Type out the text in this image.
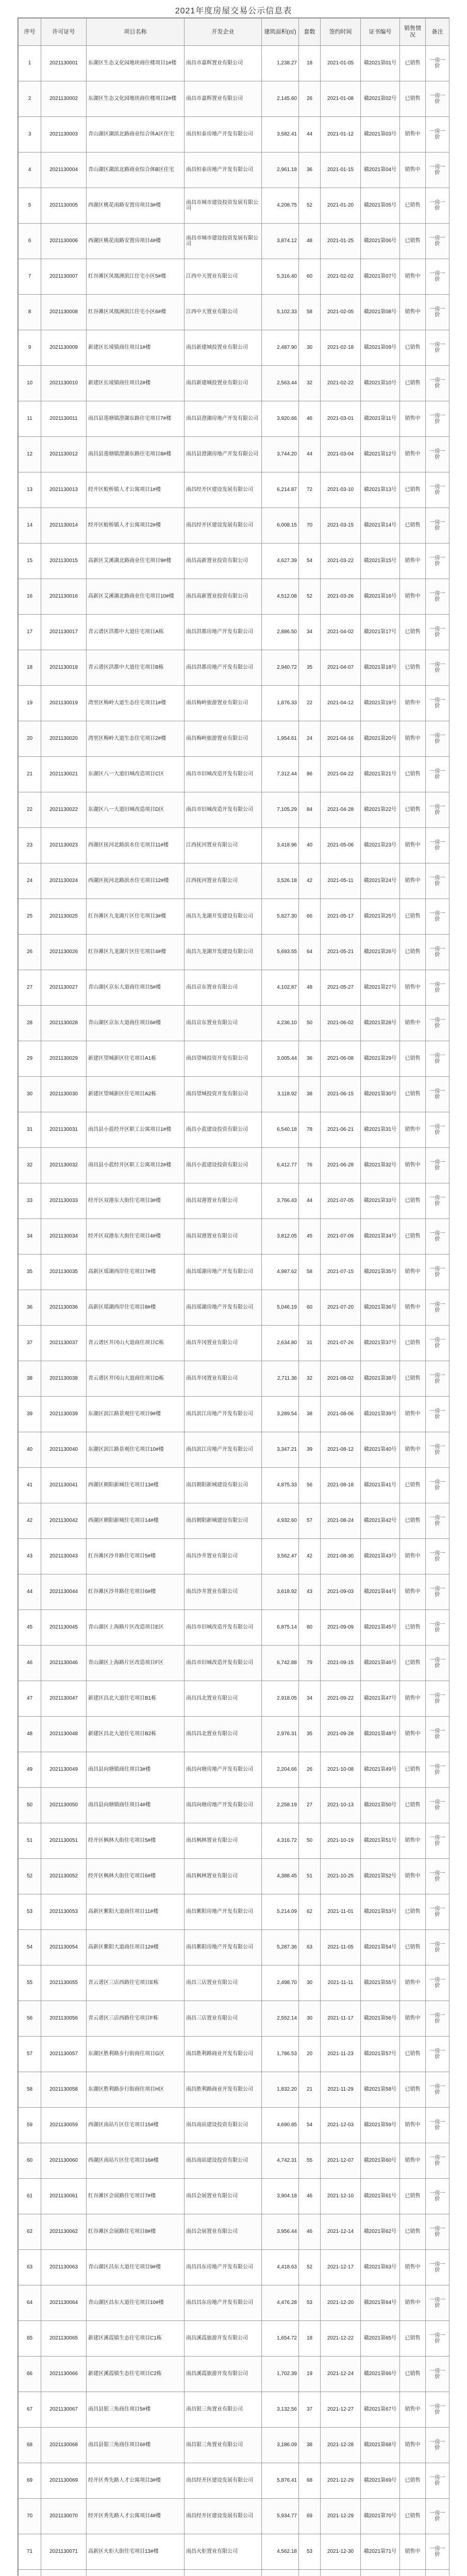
2021年度房屋交易公示信息表
序号	许可证号	项目名称	开发企业	建筑面积(㎡)	套数	签约时间	证书编号	销售情况	备注
1	2021130001	东湖区生态文化园地块商住楼项目1#楼	南昌市嘉辉置业有限公司	1,238.27	18	2021-01-05	赣2021第01号	已销售	一房一价
2	2021130002	东湖区生态文化园地块商住楼项目2#楼	南昌市嘉辉置业有限公司	2,145.60	26	2021-01-08	赣2021第02号	已销售	一房一价
3	2021130003	青山湖区湖滨北路商业综合体A区住宅	南昌恒泰房地产开发有限公司	3,582.41	44	2021-01-12	赣2021第03号	销售中	一房一价
4	2021130004	青山湖区湖滨北路商业综合体B区住宅	南昌恒泰房地产开发有限公司	2,961.18	36	2021-01-15	赣2021第04号	销售中	一房一价
5	2021130005	西湖区桃花南路安置房项目3#楼	南昌市城市建设投资发展有限公司	4,208.75	52	2021-01-20	赣2021第05号	已销售	一房一价
6	2021130006	西湖区桃花南路安置房项目4#楼	南昌市城市建设投资发展有限公司	3,874.12	48	2021-01-25	赣2021第06号	已销售	一房一价
7	2021130007	红谷滩区凤凰洲滨江住宅小区5#楼	江西中天置业有限公司	5,316.40	60	2021-02-02	赣2021第07号	销售中	一房一价
8	2021130008	红谷滩区凤凰洲滨江住宅小区6#楼	江西中天置业有限公司	5,102.33	58	2021-02-05	赣2021第08号	销售中	一房一价
9	2021130009	新建区长堎镇商住项目1#楼	南昌新建城投置业有限公司	2,487.90	30	2021-02-18	赣2021第09号	已销售	一房一价
10	2021130010	新建区长堎镇商住项目2#楼	南昌新建城投置业有限公司	2,563.44	32	2021-02-22	赣2021第10号	已销售	一房一价
11	2021130011	南昌县莲塘镇澄湖东路住宅项目7#楼	南昌县澄湖房地产开发有限公司	3,920.66	46	2021-03-01	赣2021第11号	销售中	一房一价
12	2021130012	南昌县莲塘镇澄湖东路住宅项目8#楼	南昌县澄湖房地产开发有限公司	3,744.20	44	2021-03-04	赣2021第12号	销售中	一房一价
13	2021130013	经开区蛟桥镇人才公寓项目1#楼	南昌经开区建设发展有限公司	6,214.87	72	2021-03-10	赣2021第13号	已销售	一房一价
14	2021130014	经开区蛟桥镇人才公寓项目2#楼	南昌经开区建设发展有限公司	6,008.15	70	2021-03-15	赣2021第14号	已销售	一房一价
15	2021130015	高新区艾溪湖北路商业住宅项目9#楼	南昌高新置业投资有限公司	4,627.39	54	2021-03-22	赣2021第15号	销售中	一房一价
16	2021130016	高新区艾溪湖北路商业住宅项目10#楼	南昌高新置业投资有限公司	4,512.08	52	2021-03-26	赣2021第16号	销售中	一房一价
17	2021130017	青云谱区洪都中大道住宅项目A栋	南昌洪都房地产开发有限公司	2,886.50	34	2021-04-02	赣2021第17号	已销售	一房一价
18	2021130018	青云谱区洪都中大道住宅项目B栋	南昌洪都房地产开发有限公司	2,940.72	35	2021-04-07	赣2021第18号	已销售	一房一价
19	2021130019	湾里区梅岭大道生态住宅项目1#楼	南昌梅岭旅游置业有限公司	1,876.33	22	2021-04-12	赣2021第19号	销售中	一房一价
20	2021130020	湾里区梅岭大道生态住宅项目2#楼	南昌梅岭旅游置业有限公司	1,954.61	24	2021-04-16	赣2021第20号	销售中	一房一价
21	2021130021	东湖区八一大道旧城改造项目C区	南昌市旧城改造开发有限公司	7,312.44	86	2021-04-22	赣2021第21号	已销售	一房一价
22	2021130022	东湖区八一大道旧城改造项目D区	南昌市旧城改造开发有限公司	7,105.29	84	2021-04-28	赣2021第22号	已销售	一房一价
23	2021130023	西湖区抚河北路滨水住宅项目11#楼	江西抚河置业有限公司	3,418.96	40	2021-05-06	赣2021第23号	销售中	一房一价
24	2021130024	西湖区抚河北路滨水住宅项目12#楼	江西抚河置业有限公司	3,526.18	42	2021-05-11	赣2021第24号	销售中	一房一价
25	2021130025	红谷滩区九龙湖片区住宅项目3#楼	南昌九龙湖开发建设有限公司	5,827.30	66	2021-05-17	赣2021第25号	已销售	一房一价
26	2021130026	红谷滩区九龙湖片区住宅项目4#楼	南昌九龙湖开发建设有限公司	5,693.55	64	2021-05-21	赣2021第26号	已销售	一房一价
27	2021130027	青山湖区京东大道商住项目5#楼	南昌京东置业有限公司	4,102.87	48	2021-05-27	赣2021第27号	销售中	一房一价
28	2021130028	青山湖区京东大道商住项目6#楼	南昌京东置业有限公司	4,236.10	50	2021-06-02	赣2021第28号	销售中	一房一价
29	2021130029	新建区望城新区住宅项目A1栋	南昌望城投资开发有限公司	3,005.44	36	2021-06-08	赣2021第29号	已销售	一房一价
30	2021130030	新建区望城新区住宅项目A2栋	南昌望城投资开发有限公司	3,118.92	38	2021-06-15	赣2021第30号	已销售	一房一价
31	2021130031	南昌县小蓝经开区职工公寓项目1#楼	南昌小蓝建设投资有限公司	6,540.18	78	2021-06-21	赣2021第31号	销售中	一房一价
32	2021130032	南昌县小蓝经开区职工公寓项目2#楼	南昌小蓝建设投资有限公司	6,412.77	76	2021-06-28	赣2021第32号	销售中	一房一价
33	2021130033	经开区双港东大街住宅项目3#楼	南昌双港置业有限公司	3,766.43	44	2021-07-05	赣2021第33号	已销售	一房一价
34	2021130034	经开区双港东大街住宅项目4#楼	南昌双港置业有限公司	3,812.05	45	2021-07-09	赣2021第34号	已销售	一房一价
35	2021130035	高新区瑶湖西岸住宅项目7#楼	南昌瑶湖房地产开发有限公司	4,987.62	58	2021-07-15	赣2021第35号	销售中	一房一价
36	2021130036	高新区瑶湖西岸住宅项目8#楼	南昌瑶湖房地产开发有限公司	5,046.19	60	2021-07-20	赣2021第36号	销售中	一房一价
37	2021130037	青云谱区井冈山大道商住项目C栋	南昌井冈置业有限公司	2,634.80	31	2021-07-26	赣2021第37号	已销售	一房一价
38	2021130038	青云谱区井冈山大道商住项目D栋	南昌井冈置业有限公司	2,711.36	32	2021-08-02	赣2021第38号	已销售	一房一价
39	2021130039	东湖区滨江路景观住宅项目9#楼	南昌滨江房地产开发有限公司	3,289.54	38	2021-08-06	赣2021第39号	销售中	一房一价
40	2021130040	东湖区滨江路景观住宅项目10#楼	南昌滨江房地产开发有限公司	3,347.21	39	2021-08-12	赣2021第40号	销售中	一房一价
41	2021130041	西湖区朝阳新城住宅项目13#楼	南昌朝阳新城建设有限公司	4,875.33	56	2021-08-18	赣2021第41号	已销售	一房一价
42	2021130042	西湖区朝阳新城住宅项目14#楼	南昌朝阳新城建设有限公司	4,932.60	57	2021-08-24	赣2021第42号	已销售	一房一价
43	2021130043	红谷滩区沙井路住宅项目5#楼	南昌沙井置业有限公司	3,562.47	42	2021-08-30	赣2021第43号	销售中	一房一价
44	2021130044	红谷滩区沙井路住宅项目6#楼	南昌沙井置业有限公司	3,618.92	43	2021-09-03	赣2021第44号	销售中	一房一价
45	2021130045	青山湖区上海路片区改造项目E区	南昌市旧城改造开发有限公司	6,875.14	80	2021-09-09	赣2021第45号	已销售	一房一价
46	2021130046	青山湖区上海路片区改造项目F区	南昌市旧城改造开发有限公司	6,742.88	79	2021-09-15	赣2021第46号	已销售	一房一价
47	2021130047	新建区昌北大道住宅项目B1栋	南昌昌北置业有限公司	2,918.05	34	2021-09-22	赣2021第47号	销售中	一房一价
48	2021130048	新建区昌北大道住宅项目B2栋	南昌昌北置业有限公司	2,976.31	35	2021-09-28	赣2021第48号	销售中	一房一价
49	2021130049	南昌县向塘镇商住项目3#楼	南昌向塘房地产开发有限公司	2,204.66	26	2021-10-08	赣2021第49号	已销售	一房一价
50	2021130050	南昌县向塘镇商住项目4#楼	南昌向塘房地产开发有限公司	2,258.19	27	2021-10-13	赣2021第50号	已销售	一房一价
51	2021130051	经开区枫林大街住宅项目5#楼	南昌枫林置业有限公司	4,316.72	50	2021-10-19	赣2021第51号	销售中	一房一价
52	2021130052	经开区枫林大街住宅项目6#楼	南昌枫林置业有限公司	4,388.45	51	2021-10-25	赣2021第52号	销售中	一房一价
53	2021130053	高新区紫阳大道商住项目11#楼	南昌紫阳房地产开发有限公司	5,214.09	62	2021-11-01	赣2021第53号	已销售	一房一价
54	2021130054	高新区紫阳大道商住项目12#楼	南昌紫阳房地产开发有限公司	5,287.36	63	2021-11-05	赣2021第54号	已销售	一房一价
55	2021130055	青云谱区三店西路住宅项目E栋	南昌三店置业有限公司	2,498.70	30	2021-11-11	赣2021第55号	销售中	一房一价
56	2021130056	青云谱区三店西路住宅项目F栋	南昌三店置业有限公司	2,552.14	30	2021-11-17	赣2021第56号	销售中	一房一价
57	2021130057	东湖区胜利路步行街商住项目G区	南昌胜利路商业开发有限公司	1,786.53	20	2021-11-23	赣2021第57号	已销售	一房一价
58	2021130058	东湖区胜利路步行街商住项目H区	南昌胜利路商业开发有限公司	1,832.20	21	2021-11-29	赣2021第58号	已销售	一房一价
59	2021130059	西湖区南站片区住宅项目15#楼	南昌南站建设投资有限公司	4,690.85	54	2021-12-03	赣2021第59号	销售中	一房一价
60	2021130060	西湖区南站片区住宅项目16#楼	南昌南站建设投资有限公司	4,742.31	55	2021-12-07	赣2021第60号	销售中	一房一价
61	2021130061	红谷滩区会展路住宅项目7#楼	南昌会展置业有限公司	3,904.18	46	2021-12-10	赣2021第61号	已销售	一房一价
62	2021130062	红谷滩区会展路住宅项目8#楼	南昌会展置业有限公司	3,956.44	46	2021-12-14	赣2021第62号	已销售	一房一价
63	2021130063	青山湖区昌东大道住宅项目9#楼	南昌昌东房地产开发有限公司	4,418.63	52	2021-12-17	赣2021第63号	销售中	一房一价
64	2021130064	青山湖区昌东大道住宅项目10#楼	南昌昌东房地产开发有限公司	4,476.28	53	2021-12-20	赣2021第64号	销售中	一房一价
65	2021130065	新建区溪霞镇生态住宅项目C1栋	南昌溪霞旅游开发有限公司	1,654.72	18	2021-12-22	赣2021第65号	已销售	一房一价
66	2021130066	新建区溪霞镇生态住宅项目C2栋	南昌溪霞旅游开发有限公司	1,702.39	19	2021-12-24	赣2021第66号	已销售	一房一价
67	2021130067	南昌县银三角商住项目5#楼	南昌银三角置业有限公司	3,132.56	37	2021-12-27	赣2021第67号	销售中	一房一价
68	2021130068	南昌县银三角商住项目6#楼	南昌银三角置业有限公司	3,186.09	38	2021-12-28	赣2021第68号	销售中	一房一价
69	2021130069	经开区秀先路人才公寓项目3#楼	南昌经开区建设发展有限公司	5,876.41	68	2021-12-29	赣2021第69号	已销售	一房一价
70	2021130070	经开区秀先路人才公寓项目4#楼	南昌经开区建设发展有限公司	5,934.77	69	2021-12-29	赣2021第70号	已销售	一房一价
71	2021130071	高新区火炬大街住宅项目13#楼	南昌火炬置业有限公司	4,562.18	53	2021-12-30	赣2021第71号	销售中	一房一价
